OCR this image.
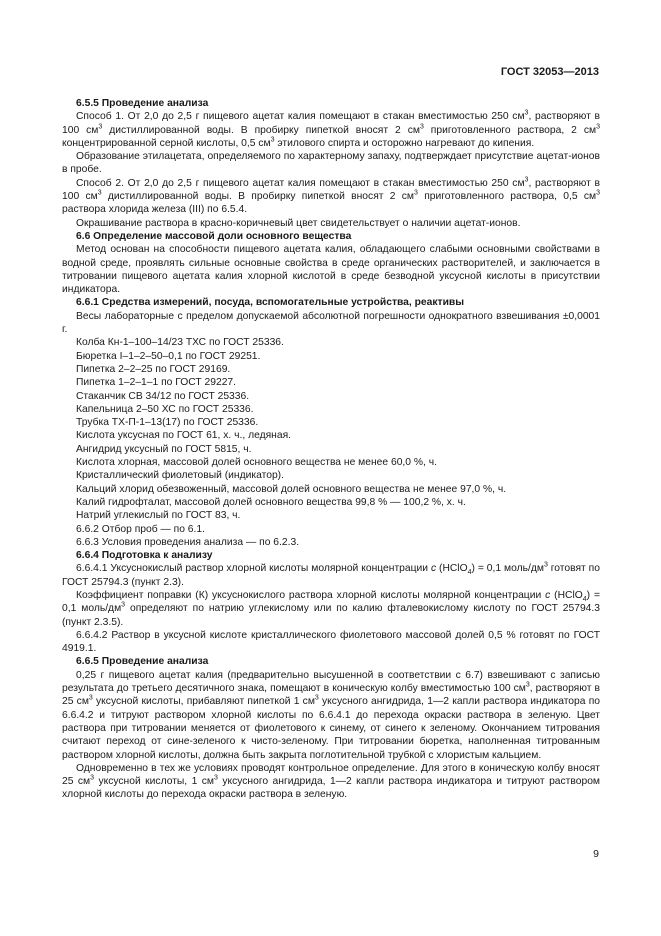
ГОСТ 32053—2013
6.5.5 Проведение анализа
Способ 1. От 2,0 до 2,5 г пищевого ацетат калия помещают в стакан вместимостью 250 $см^3$, растворяют в 100 $см^3$ дистиллированной воды. В пробирку пипеткой вносят 2 $см^3$ приготовленного раствора, 2 $см^3$ концентрированной серной кислоты, 0,5 $см^3$ этилового спирта и осторожно нагревают до кипения.
Образование этилацетата, определяемого по характерному запаху, подтверждает присутствие ацетат-ионов в пробе.
Способ 2. От 2,0 до 2,5 г пищевого ацетат калия помещают в стакан вместимостью 250 $см^3$, растворяют в 100 $см^3$ дистиллированной воды. В пробирку пипеткой вносят 2 $см^3$ приготовленного раствора, 0,5 $см^3$ раствора хлорида железа (III) по 6.5.4.
Окрашивание раствора в красно-коричневый цвет свидетельствует о наличии ацетат-ионов.
6.6 Определение массовой доли основного вещества
Метод основан на способности пищевого ацетата калия, обладающего слабыми основными свойствами в водной среде, проявлять сильные основные свойства в среде органических растворителей, и заключается в титровании пищевого ацетата калия хлорной кислотой в среде безводной уксусной кислоты в присутствии индикатора.
6.6.1 Средства измерений, посуда, вспомогательные устройства, реактивы
Весы лабораторные с пределом допускаемой абсолютной погрешности однократного взвешивания ±0,0001 г.
Колба Кн-1–100–14/23 ТХС по ГОСТ 25336.
Бюретка I–1–2–50–0,1 по ГОСТ 29251.
Пипетка 2–2–25 по ГОСТ 29169.
Пипетка 1–2–1–1 по ГОСТ 29227.
Стаканчик СВ 34/12 по ГОСТ 25336.
Капельница 2–50 ХС по ГОСТ 25336.
Трубка ТХ-П-1–13(17) по ГОСТ 25336.
Кислота уксусная по ГОСТ 61, х. ч., ледяная.
Ангидрид уксусный по ГОСТ 5815, ч.
Кислота хлорная, массовой долей основного вещества не менее 60,0 %, ч.
Кристаллический фиолетовый (индикатор).
Кальций хлорид обезвоженный, массовой долей основного вещества не менее 97,0 %, ч.
Калий гидрофталат, массовой долей основного вещества 99,8 % — 100,2 %, х. ч.
Натрий углекислый по ГОСТ 83, ч.
6.6.2 Отбор проб — по 6.1.
6.6.3 Условия проведения анализа — по 6.2.3.
6.6.4 Подготовка к анализу
6.6.4.1 Уксуснокислый раствор хлорной кислоты молярной концентрации с (HClO$_4$) = 0,1 моль/$дм^3$ готовят по ГОСТ 25794.3 (пункт 2.3).
Коэффициент поправки (К) уксуснокислого раствора хлорной кислоты молярной концентрации с (HClO$_4$) = 0,1 моль/$дм^3$ определяют по натрию углекислому или по калию фталевокислому кислоту по ГОСТ 25794.3 (пункт 2.3.5).
6.6.4.2 Раствор в уксусной кислоте кристаллического фиолетового массовой долей 0,5 % готовят по ГОСТ 4919.1.
6.6.5 Проведение анализа
0,25 г пищевого ацетат калия (предварительно высушенной в соответствии с 6.7) взвешивают с записью результата до третьего десятичного знака, помещают в коническую колбу вместимостью 100 $см^3$, растворяют в 25 $см^3$ уксусной кислоты, прибавляют пипеткой 1 $см^3$ уксусного ангидрида, 1—2 капли раствора индикатора по 6.6.4.2 и титруют раствором хлорной кислоты по 6.6.4.1 до перехода окраски раствора в зеленую. Цвет раствора при титровании меняется от фиолетового к синему, от синего к зеленому. Окончанием титрования считают переход от сине-зеленого к чисто-зеленому. При титровании бюретка, наполненная титрованным раствором хлорной кислоты, должна быть закрыта поглотительной трубкой с хлористым кальцием.
Одновременно в тех же условиях проводят контрольное определение. Для этого в коническую колбу вносят 25 $см^3$ уксусной кислоты, 1 $см^3$ уксусного ангидрида, 1—2 капли раствора индикатора и титруют раствором хлорной кислоты до перехода окраски раствора в зеленую.
9
